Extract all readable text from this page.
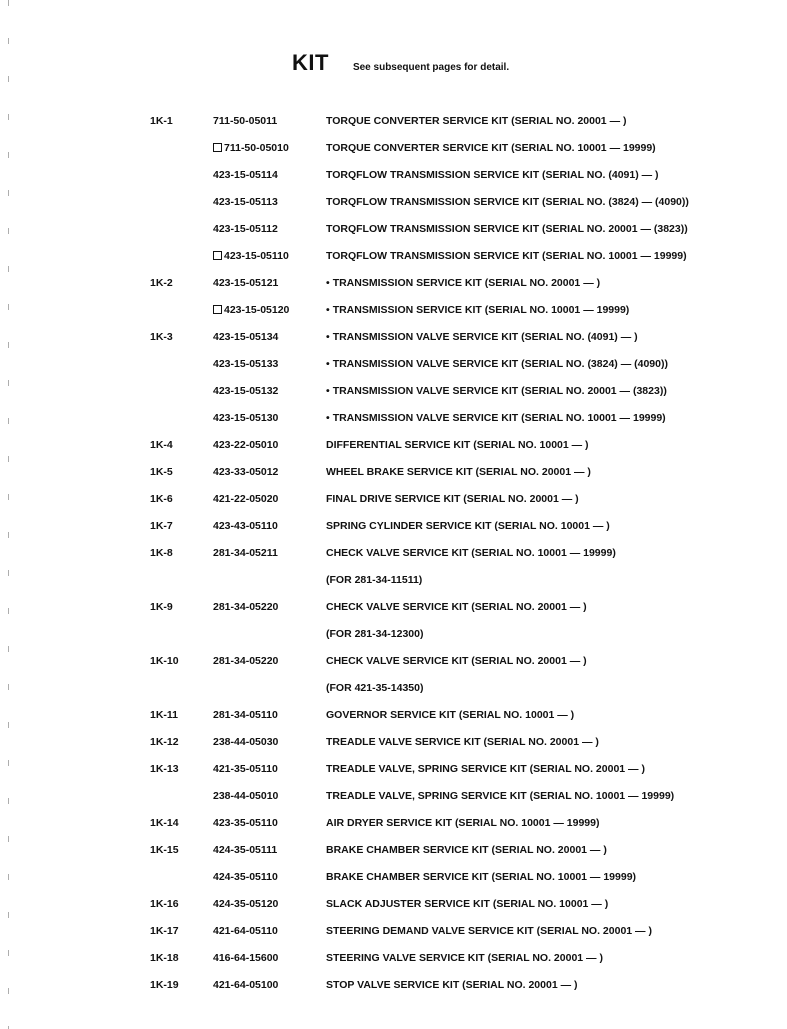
KIT See subsequent pages for detail.
1K-1	711-50-05011	TORQUE CONVERTER SERVICE KIT (SERIAL NO. 20001 — )
711-50-05010	TORQUE CONVERTER SERVICE KIT (SERIAL NO. 10001 — 19999)
423-15-05114	TORQFLOW TRANSMISSION SERVICE KIT (SERIAL NO. (4091) — )
423-15-05113	TORQFLOW TRANSMISSION SERVICE KIT (SERIAL NO. (3824) — (4090))
423-15-05112	TORQFLOW TRANSMISSION SERVICE KIT (SERIAL NO. 20001 — (3823))
423-15-05110	TORQFLOW TRANSMISSION SERVICE KIT (SERIAL NO. 10001 — 19999)
1K-2	423-15-05121	• TRANSMISSION SERVICE KIT (SERIAL NO. 20001 — )
423-15-05120	• TRANSMISSION SERVICE KIT (SERIAL NO. 10001 — 19999)
1K-3	423-15-05134	• TRANSMISSION VALVE SERVICE KIT (SERIAL NO. (4091) — )
423-15-05133	• TRANSMISSION VALVE SERVICE KIT (SERIAL NO. (3824) — (4090))
423-15-05132	• TRANSMISSION VALVE SERVICE KIT (SERIAL NO. 20001 — (3823))
423-15-05130	• TRANSMISSION VALVE SERVICE KIT (SERIAL NO. 10001 — 19999)
1K-4	423-22-05010	DIFFERENTIAL SERVICE KIT (SERIAL NO. 10001 — )
1K-5	423-33-05012	WHEEL BRAKE SERVICE KIT (SERIAL NO. 20001 — )
1K-6	421-22-05020	FINAL DRIVE SERVICE KIT (SERIAL NO. 20001 — )
1K-7	423-43-05110	SPRING CYLINDER SERVICE KIT (SERIAL NO. 10001 — )
1K-8	281-34-05211	CHECK VALVE SERVICE KIT (SERIAL NO. 10001 — 19999)
(FOR 281-34-11511)
1K-9	281-34-05220	CHECK VALVE SERVICE KIT (SERIAL NO. 20001 — )
(FOR 281-34-12300)
1K-10	281-34-05220	CHECK VALVE SERVICE KIT (SERIAL NO. 20001 — )
(FOR 421-35-14350)
1K-11	281-34-05110	GOVERNOR SERVICE KIT (SERIAL NO. 10001 — )
1K-12	238-44-05030	TREADLE VALVE SERVICE KIT (SERIAL NO. 20001 — )
1K-13	421-35-05110	TREADLE VALVE, SPRING SERVICE KIT (SERIAL NO. 20001 — )
238-44-05010	TREADLE VALVE, SPRING SERVICE KIT (SERIAL NO. 10001 — 19999)
1K-14	423-35-05110	AIR DRYER SERVICE KIT (SERIAL NO. 10001 — 19999)
1K-15	424-35-05111	BRAKE CHAMBER SERVICE KIT (SERIAL NO. 20001 — )
424-35-05110	BRAKE CHAMBER SERVICE KIT (SERIAL NO. 10001 — 19999)
1K-16	424-35-05120	SLACK ADJUSTER SERVICE KIT (SERIAL NO. 10001 — )
1K-17	421-64-05110	STEERING DEMAND VALVE SERVICE KIT (SERIAL NO. 20001 — )
1K-18	416-64-15600	STEERING VALVE SERVICE KIT (SERIAL NO. 20001 — )
1K-19	421-64-05100	STOP VALVE SERVICE KIT (SERIAL NO. 20001 — )
